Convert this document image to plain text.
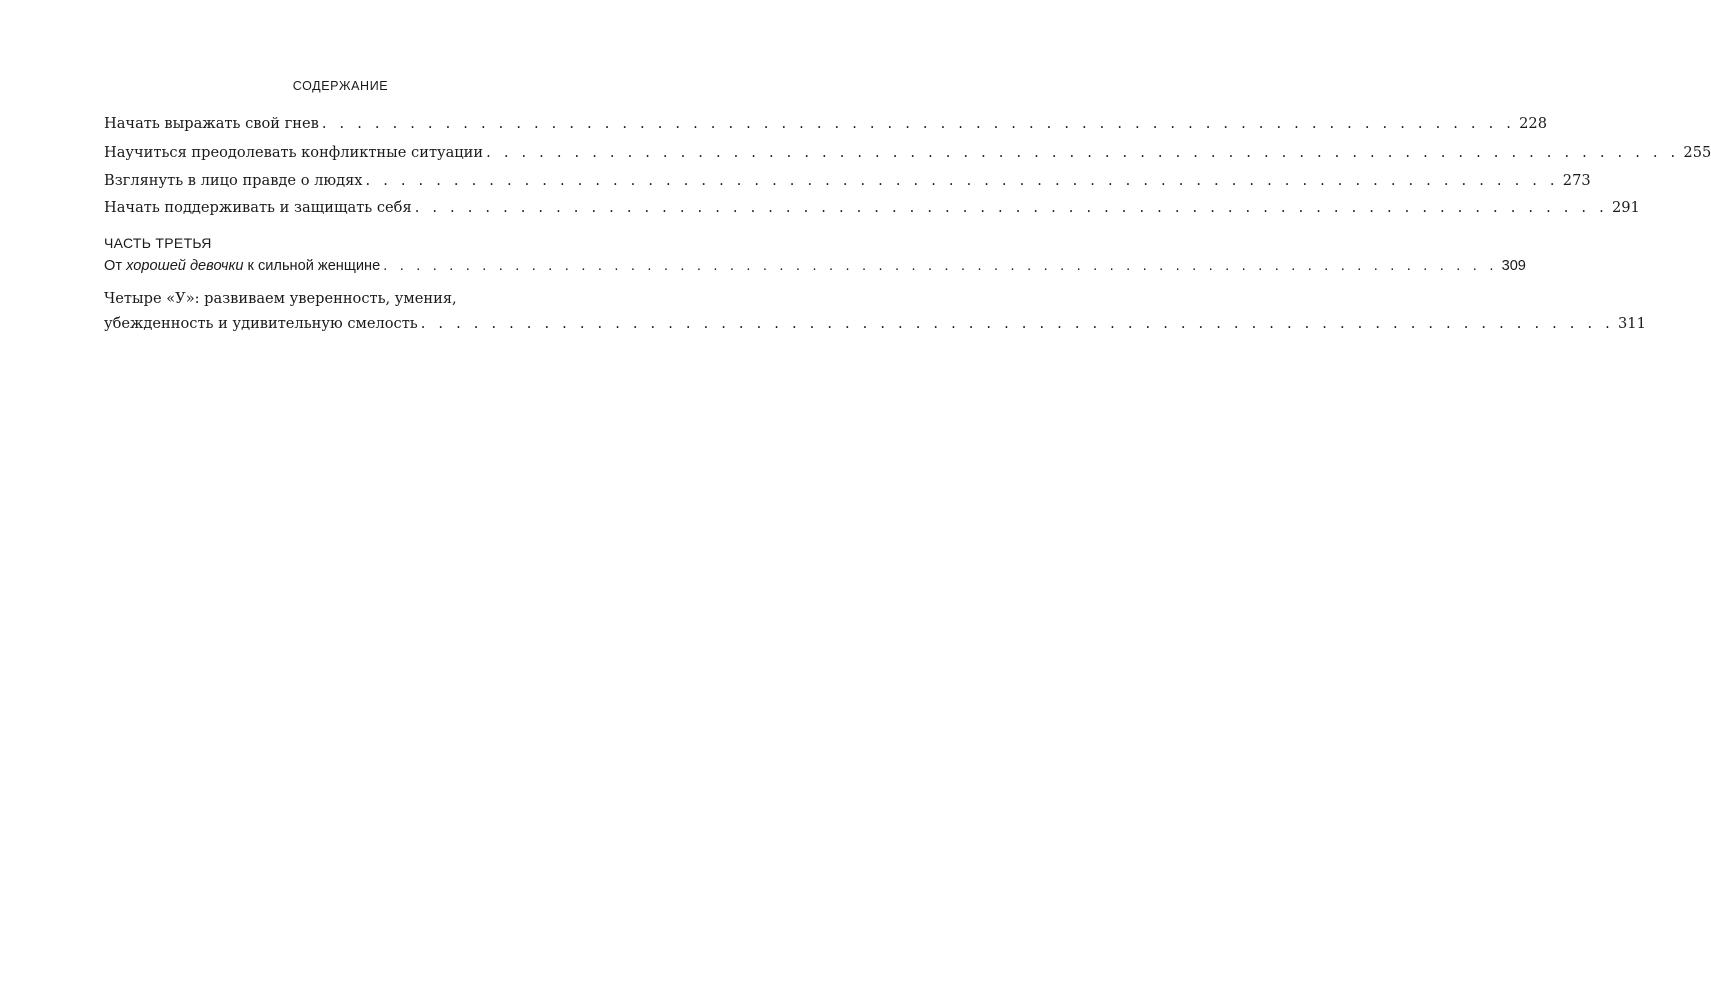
СОДЕРЖАНИЕ
Начать выражать свой гнев . . . . . . . . . . . . . . . . . . . . . . . . . . . . . . . . . . . . . . . . . . . . . . . . . . . . . . . . . . . . . . . . . . . . 228
Научиться преодолевать конфликтные ситуации . . . . . . . . . . . . . . . . . . . . . . . . . . . . . . . . . . . . . . . . . . . . . . . . . . . . . . . . . . . . . . . . . . . . 255
Взглянуть в лицо правде о людях . . . . . . . . . . . . . . . . . . . . . . . . . . . . . . . . . . . . . . . . . . . . . . . . . . . . . . . . . . . . . . . . . . . . 273
Начать поддерживать и защищать себя . . . . . . . . . . . . . . . . . . . . . . . . . . . . . . . . . . . . . . . . . . . . . . . . . . . . . . . . . . . . . . . . . . . . 291
ЧАСТЬ ТРЕТЬЯ
От хорошей девочки к сильной женщине . . . . . . . . . . . . . . . . . . . . . . . . . . . . . . . . . . . . . . . . . . . . . . . . . . . . . . . . . . . . . . . . . . . . 309
Четыре «У»: развиваем уверенность, умения,
убежденность и удивительную смелость . . . . . . . . . . . . . . . . . . . . . . . . . . . . . . . . . . . . . . . . . . . . . . . . . . . . . . . . . . . . . . . . . . . . 311
